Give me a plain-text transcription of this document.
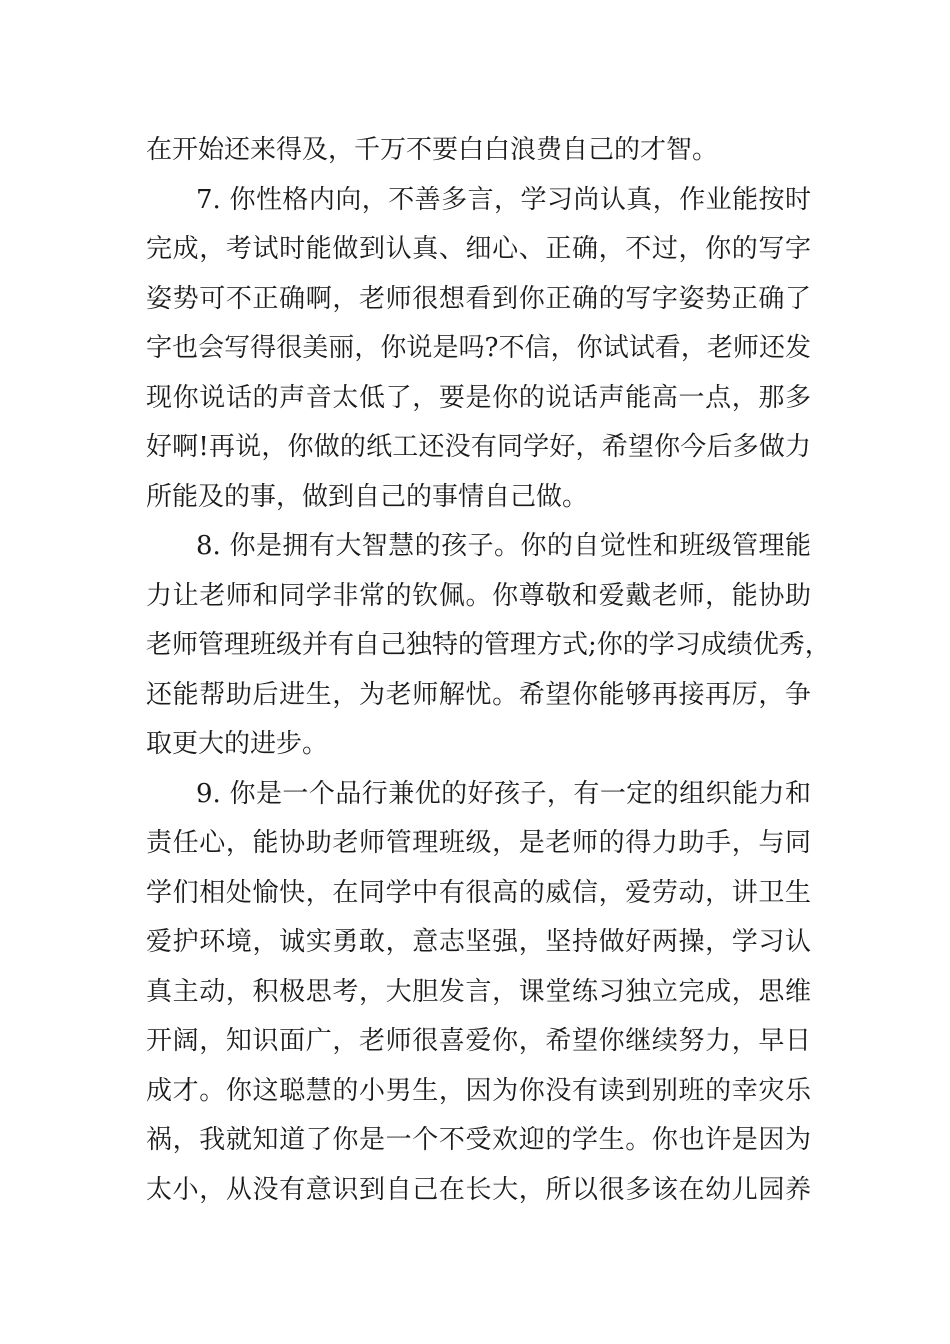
在开始还来得及，千万不要白白浪费自己的才智。
7. 你性格内向，不善多言，学习尚认真，作业能按时
完成，考试时能做到认真、细心、正确，不过，你的写字
姿势可不正确啊，老师很想看到你正确的写字姿势正确了
字也会写得很美丽，你说是吗?不信，你试试看，老师还发
现你说话的声音太低了，要是你的说话声能高一点，那多
好啊!再说，你做的纸工还没有同学好，希望你今后多做力
所能及的事，做到自己的事情自己做。
8. 你是拥有大智慧的孩子。你的自觉性和班级管理能
力让老师和同学非常的钦佩。你尊敬和爱戴老师，能协助
老师管理班级并有自己独特的管理方式;你的学习成绩优秀，
还能帮助后进生，为老师解忧。希望你能够再接再厉，争
取更大的进步。
9. 你是一个品行兼优的好孩子，有一定的组织能力和
责任心，能协助老师管理班级，是老师的得力助手，与同
学们相处愉快，在同学中有很高的威信，爱劳动，讲卫生
爱护环境，诚实勇敢，意志坚强，坚持做好两操，学习认
真主动，积极思考，大胆发言，课堂练习独立完成，思维
开阔，知识面广，老师很喜爱你，希望你继续努力，早日
成才。你这聪慧的小男生，因为你没有读到别班的幸灾乐
祸，我就知道了你是一个不受欢迎的学生。你也许是因为
太小，从没有意识到自己在长大，所以很多该在幼儿园养
